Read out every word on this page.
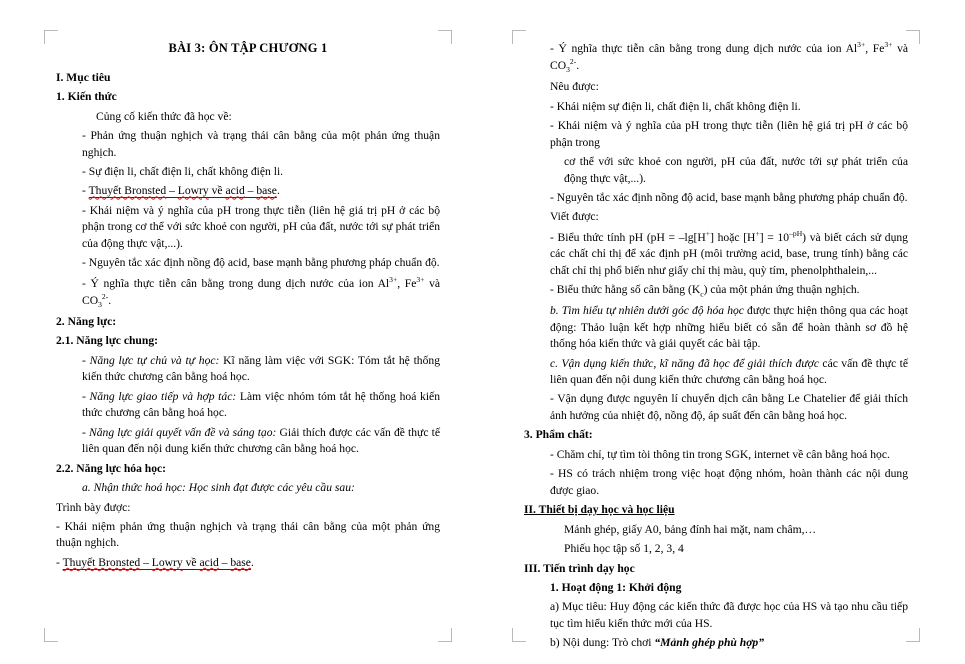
BÀI 3: ÔN TẬP CHƯƠNG 1

I. Mục tiêu

1. Kiến thức

Củng cố kiến thức đã học về:

- Phản ứng thuận nghịch và trạng thái cân bằng của một phản ứng thuận nghịch.

- Sự điện li, chất điện li, chất không điện li.

- Thuyết Bronsted – Lowry về acid – base.

- Khái niệm và ý nghĩa của pH trong thực tiễn (liên hệ giá trị pH ở các bộ phận trong cơ thể với sức khoẻ con người, pH của đất, nước tới sự phát triển của động thực vật,...).

- Nguyên tắc xác định nồng độ acid, base mạnh bằng phương pháp chuẩn độ.

- Ý nghĩa thực tiễn cân bằng trong dung dịch nước của ion $Al^{3+}$, $Fe^{3+}$ và $CO_3^{2-}$.

2. Năng lực:

2.1. Năng lực chung:

- Năng lực tự chủ và tự học: Kĩ năng làm việc với SGK: Tóm tắt hệ thống kiến thức chương cân bằng hoá học.

- Năng lực giao tiếp và hợp tác: Làm việc nhóm tóm tắt hệ thống hoá kiến thức chương cân bằng hoá học.

- Năng lực giải quyết vấn đề và sáng tạo: Giải thích được các vấn đề thực tế liên quan đến nội dung kiến thức chương cân bằng hoá học.

2.2. Năng lực hóa học:

a. Nhận thức hoá học: Học sinh đạt được các yêu cầu sau:

Trình bày được:

- Khái niệm phản ứng thuận nghịch và trạng thái cân bằng của một phản ứng thuận nghịch.

- Thuyết Bronsted – Lowry về acid – base.

- Ý nghĩa thực tiễn cân bằng trong dung dịch nước của ion $Al^{3+}$, $Fe^{3+}$ và $CO_3^{2-}$.

Nêu được:

- Khái niệm sự điện li, chất điện li, chất không điện li.

- Khái niệm và ý nghĩa của pH trong thực tiễn (liên hệ giá trị pH ở các bộ phận trong

cơ thể với sức khoẻ con người, pH của đất, nước tới sự phát triển của động thực vật,...).

- Nguyên tắc xác định nồng độ acid, base mạnh bằng phương pháp chuẩn độ.

Viết được:

- Biểu thức tính pH (pH = –lg[H+] hoặc $[H^+] = 10^{-pH}$) và biết cách sử dụng các chất chỉ thị để xác định pH (môi trường acid, base, trung tính) bằng các chất chỉ thị phổ biến như giấy chỉ thị màu, quỳ tím, phenolphthalein,...

- Biểu thức hằng số cân bằng $(K_c)$ của một phản ứng thuận nghịch.

b. Tìm hiểu tự nhiên dưới góc độ hóa học được thực hiện thông qua các hoạt động: Thảo luận kết hợp những hiểu biết có sẵn để hoàn thành sơ đồ hệ thống hóa kiến thức và giải quyết các bài tập.

c. Vận dụng kiến thức, kĩ năng đã học để giải thích được các vấn đề thực tế liên quan đến nội dung kiến thức chương cân bằng hoá học.

- Vận dụng được nguyên lí chuyển dịch cân bằng Le Chatelier để giải thích ảnh hưởng của nhiệt độ, nồng độ, áp suất đến cân bằng hoá học.

3. Phẩm chất:

- Chăm chỉ, tự tìm tòi thông tin trong SGK, internet về cân bằng hoá học.

- HS có trách nhiệm trong việc hoạt động nhóm, hoàn thành các nội dung được giao.

II. Thiết bị dạy học và học liệu

Mảnh ghép, giấy A0, bảng đính hai mặt, nam châm,…

Phiếu học tập số 1, 2, 3, 4

III. Tiến trình dạy học

1. Hoạt động 1: Khởi động

a) Mục tiêu: Huy động các kiến thức đã được học của HS và tạo nhu cầu tiếp tục tìm hiểu kiến thức mới của HS.

b) Nội dung: Trò chơi “Mảnh ghép phù hợp”
